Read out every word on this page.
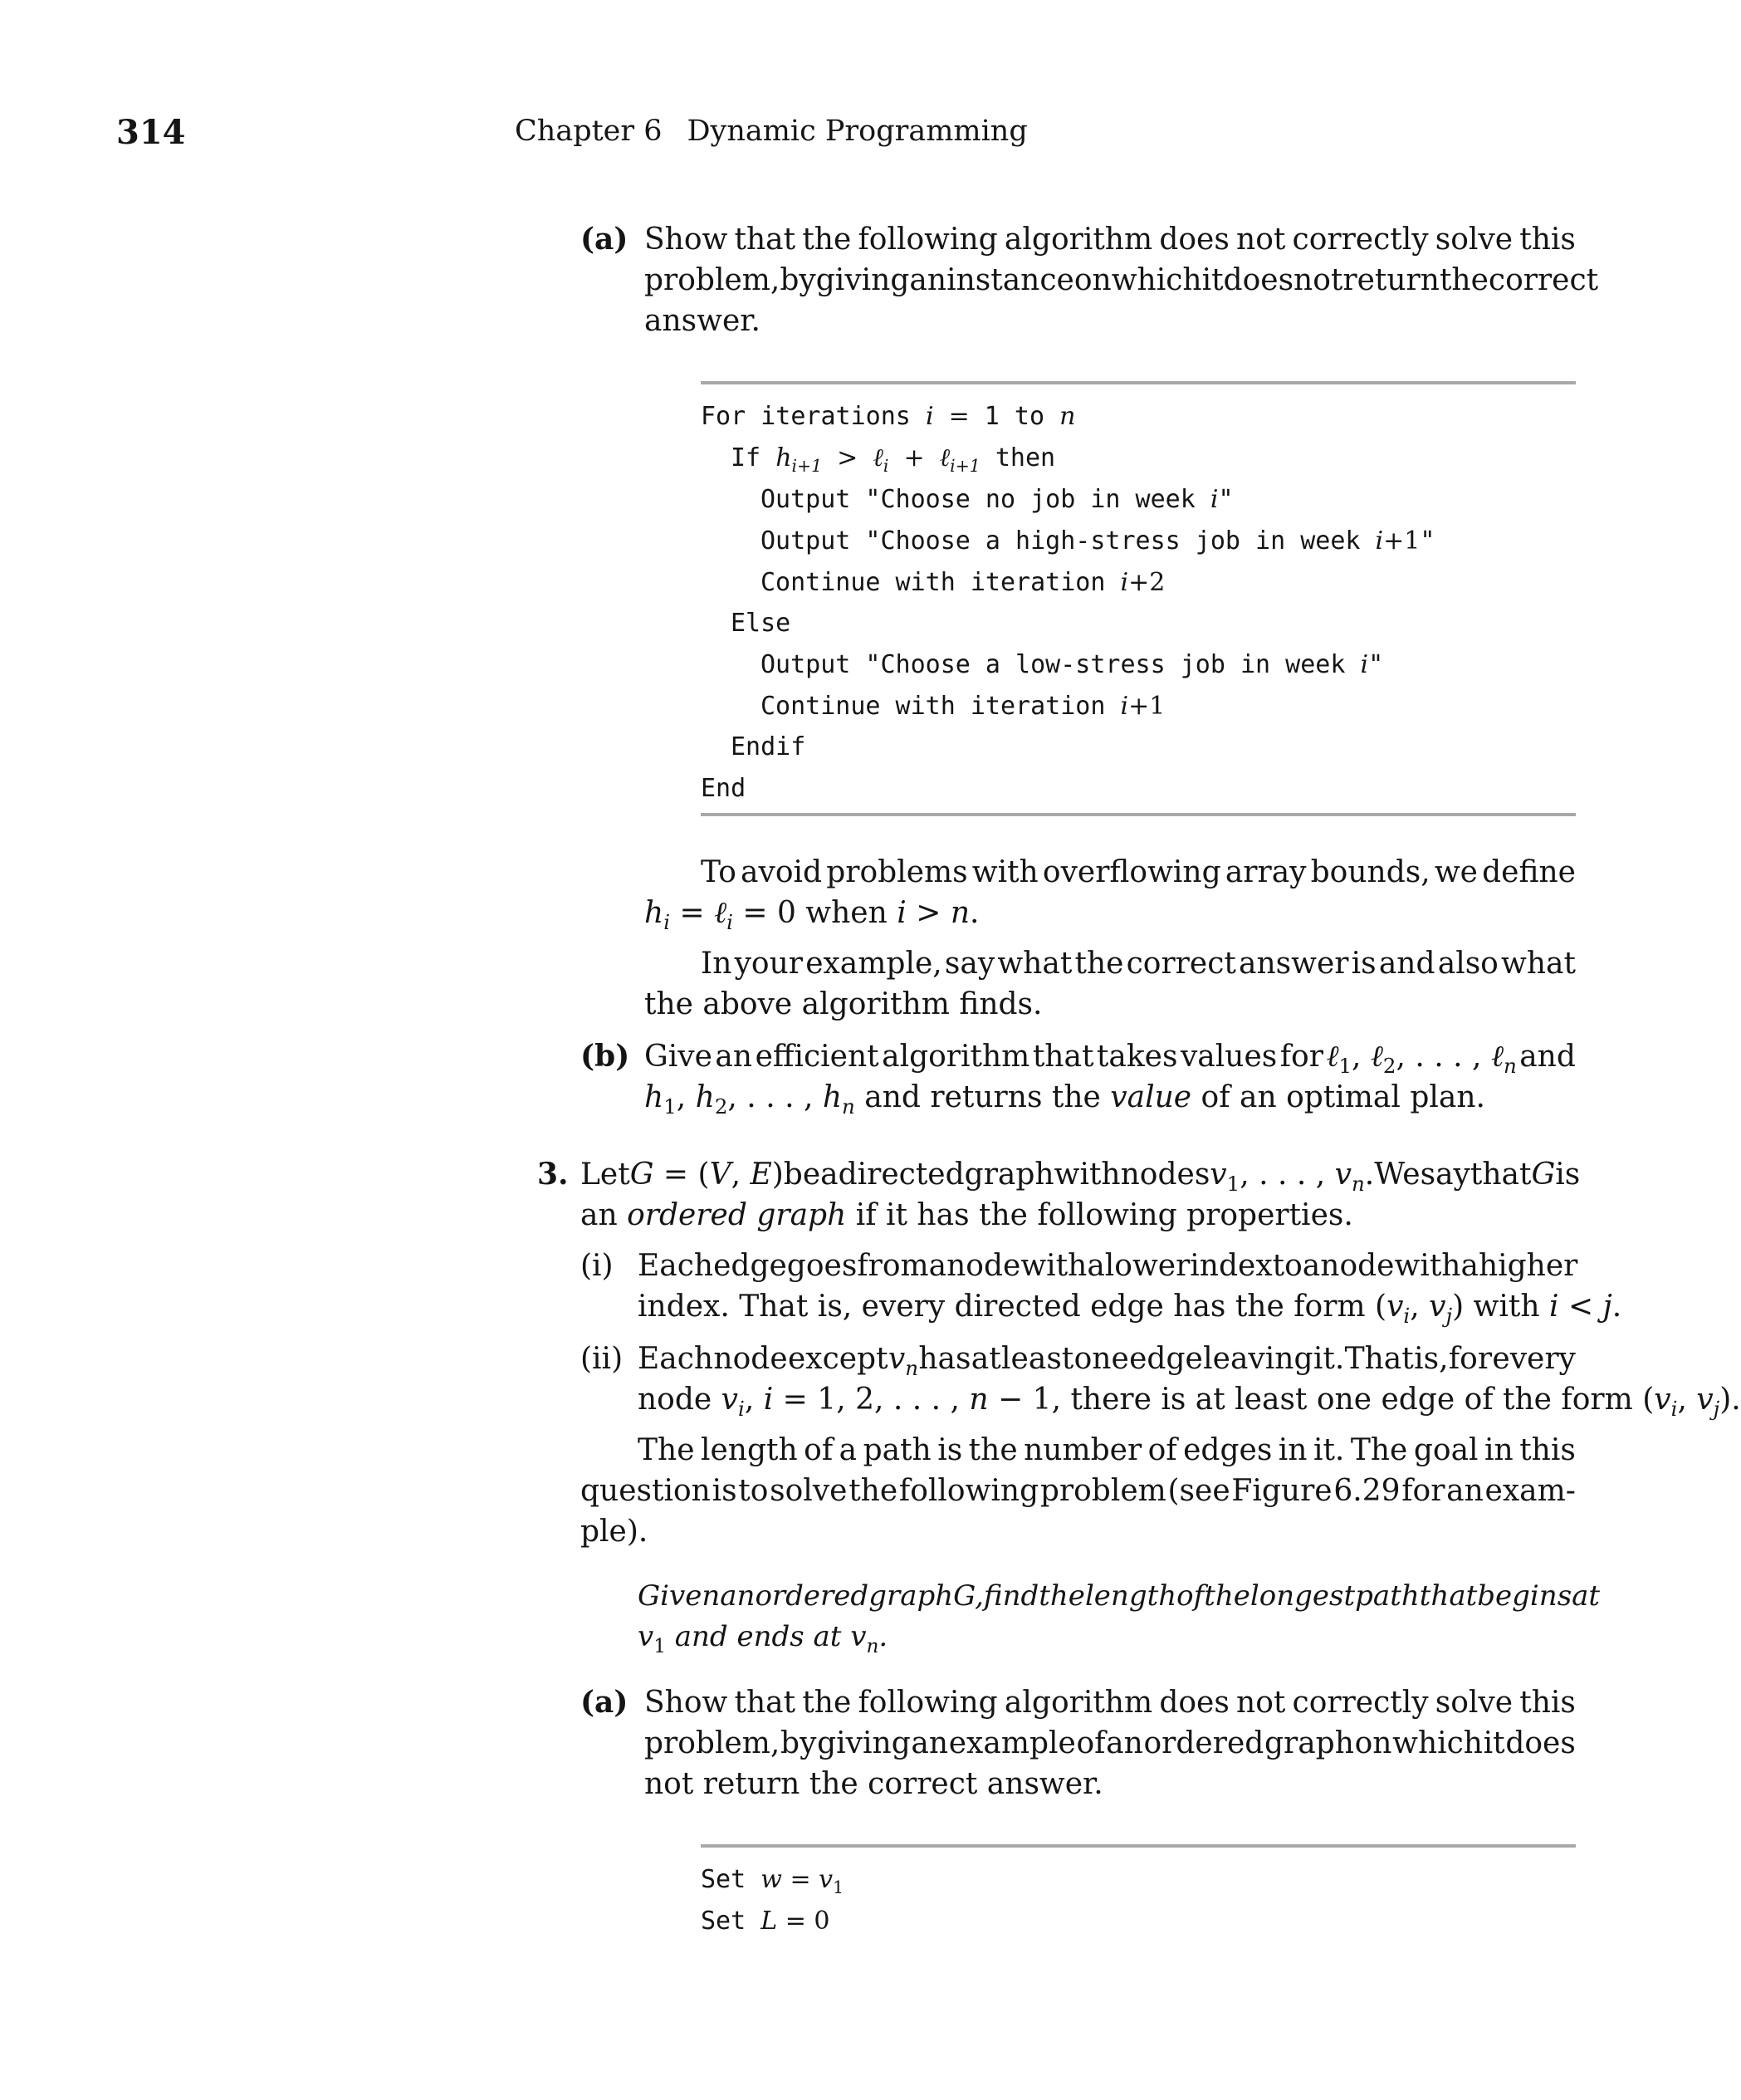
314	Chapter 6 Dynamic Programming
(a) Show that the following algorithm does not correctly solve this
problem, by giving an instance on which it does not return the correct
answer.
For iterations i = 1 to n
If $h_{i+1}$ > ℓ$_i$ + ℓ$_{i+1}$ then
Output "Choose no job in week i"
Output "Choose a high-stress job in week i+1"
Continue with iteration i+2
Else
Output "Choose a low-stress job in week i"
Continue with iteration i+1
Endif
End
To avoid problems with overflowing array bounds, we define
$h_i$ = ℓ$_i$ = 0 when i > n.
In your example, say what the correct answer is and also what
the above algorithm finds.
(b) Give an efficient algorithm that takes values for ℓ$_1$, ℓ$_2$, . . . , ℓ$_n$ and
$h_1$, $h_2$, . . . , $h_n$ and returns the value of an optimal plan.
3. Let G = (V, E) be a directed graph with nodes $v_1$, . . . , $v_n$. We say that G is
an ordered graph if it has the following properties.
(i) Each edge goes from a node with a lower index to a node with a higher
index. That is, every directed edge has the form ($v_i$, $v_j$) with i < j.
(ii) Each node except $v_n$ has at least one edge leaving it. That is, for every
node $v_i$, i = 1, 2, . . . , n − 1, there is at least one edge of the form ($v_i$, $v_j$).
The length of a path is the number of edges in it. The goal in this
question is to solve the following problem (see Figure 6.29 for an exam-
ple).
Given an ordered graph G, find the length of the longest path that begins at
$v_1$ and ends at $v_n$.
(a) Show that the following algorithm does not correctly solve this
problem, by giving an example of an ordered graph on which it does
not return the correct answer.
Set $w = v_1$
Set L = 0
